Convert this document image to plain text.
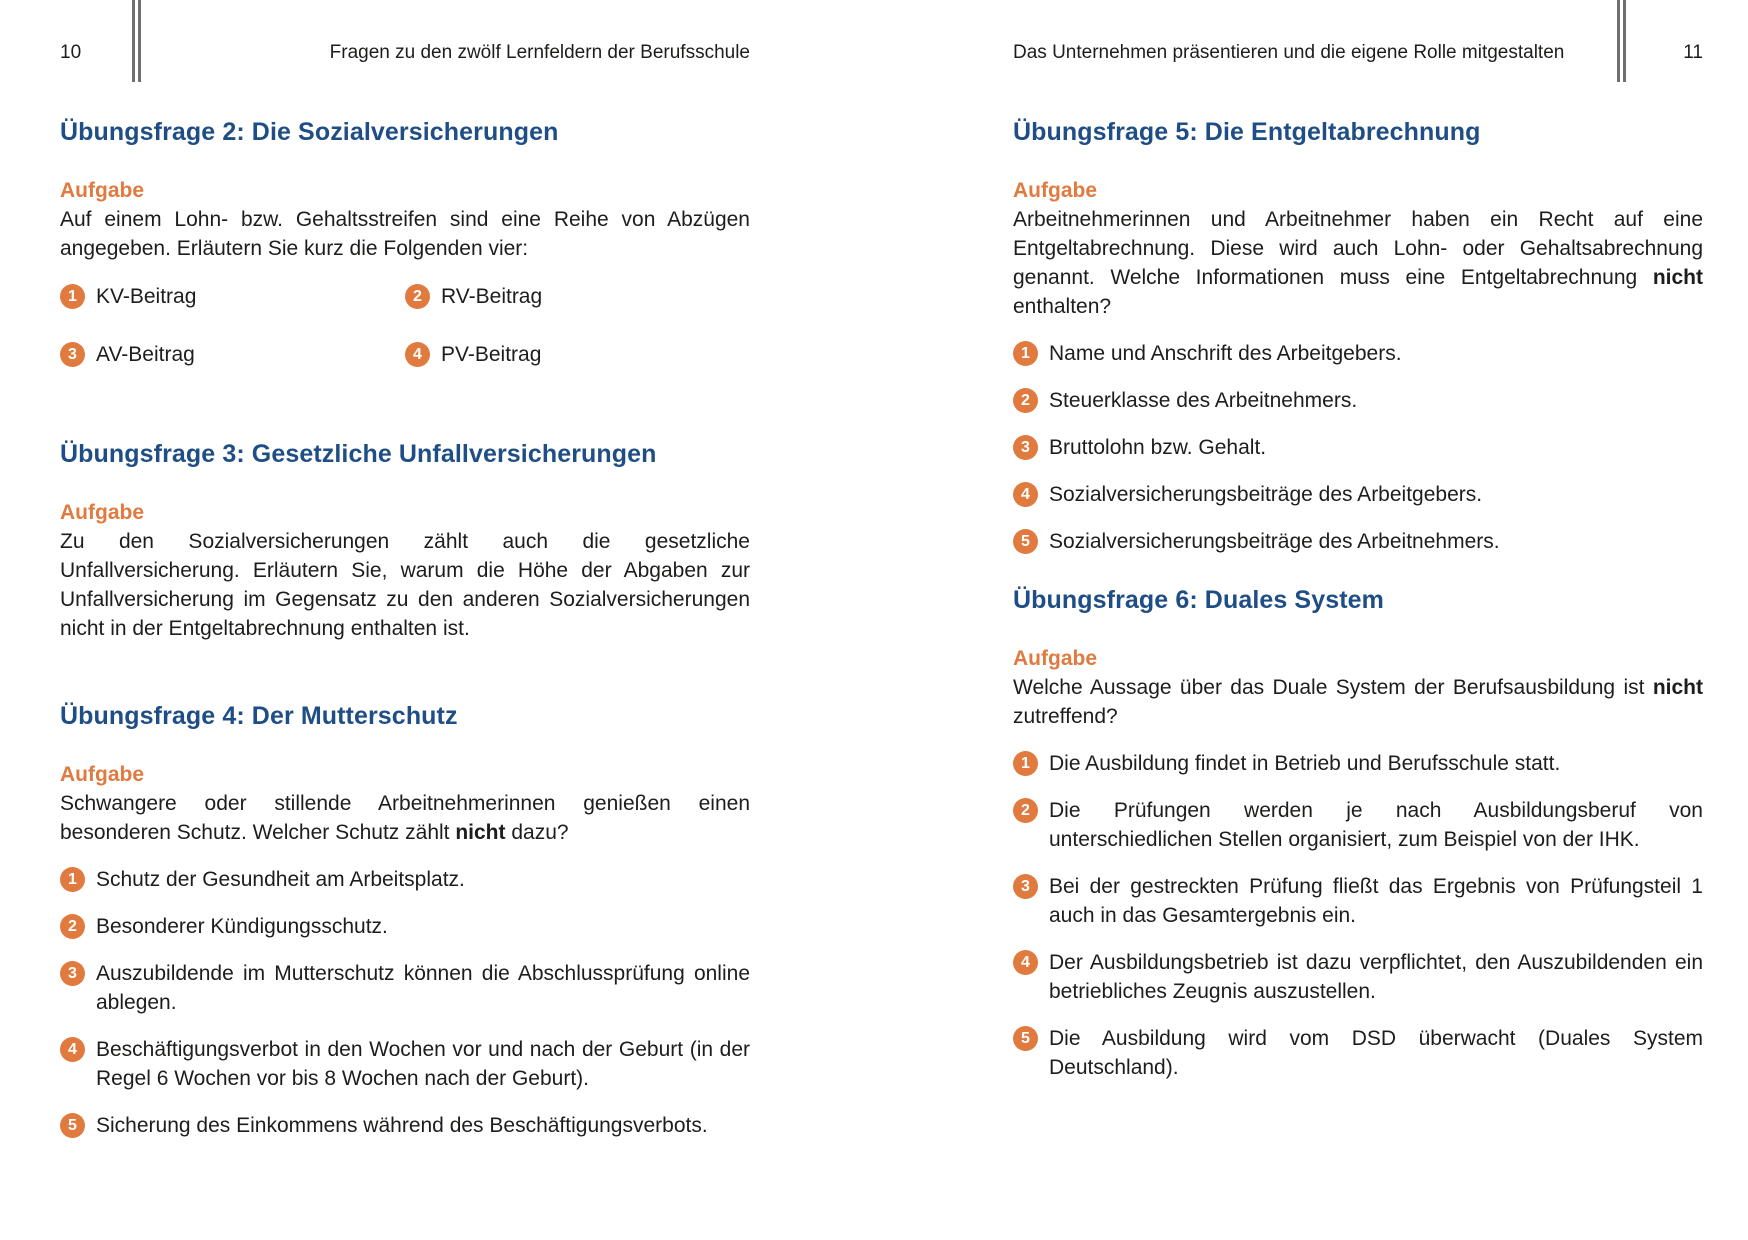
10	Fragen zu den zwölf Lernfeldern der Berufsschule
Übungsfrage 2: Die Sozialversicherungen
Aufgabe

Auf einem Lohn- bzw. Gehaltsstreifen sind eine Reihe von Abzügen angegeben. Erläutern Sie kurz die Folgenden vier:

1 KV-Beitrag	2 RV-Beitrag
3 AV-Beitrag	4 PV-Beitrag
Übungsfrage 3: Gesetzliche Unfallversicherungen
Aufgabe

Zu den Sozialversicherungen zählt auch die gesetzliche Unfallversicherung. Erläutern Sie, warum die Höhe der Abgaben zur Unfallversicherung im Gegensatz zu den anderen Sozialversicherungen nicht in der Entgeltabrechnung enthalten ist.

Übungsfrage 4: Der Mutterschutz
Aufgabe

Schwangere oder stillende Arbeitnehmerinnen genießen einen besonderen Schutz. Welcher Schutz zählt nicht dazu?

1 Schutz der Gesundheit am Arbeitsplatz.
2 Besonderer Kündigungsschutz.
3 Auszubildende im Mutterschutz können die Abschlussprüfung online ablegen.
4 Beschäftigungsverbot in den Wochen vor und nach der Geburt (in der Regel 6 Wochen vor bis 8 Wochen nach der Geburt).
5 Sicherung des Einkommens während des Beschäftigungsverbots.
Das Unternehmen präsentieren und die eigene Rolle mitgestalten	11
Übungsfrage 5: Die Entgeltabrechnung
Aufgabe

Arbeitnehmerinnen und Arbeitnehmer haben ein Recht auf eine Entgeltabrechnung. Diese wird auch Lohn- oder Gehaltsabrechnung genannt. Welche Informationen muss eine Entgeltabrechnung nicht enthalten?

1 Name und Anschrift des Arbeitgebers.
2 Steuerklasse des Arbeitnehmers.
3 Bruttolohn bzw. Gehalt.
4 Sozialversicherungsbeiträge des Arbeitgebers.
5 Sozialversicherungsbeiträge des Arbeitnehmers.
Übungsfrage 6: Duales System
Aufgabe

Welche Aussage über das Duale System der Berufsausbildung ist nicht zutreffend?

1 Die Ausbildung findet in Betrieb und Berufsschule statt.
2 Die Prüfungen werden je nach Ausbildungsberuf von unterschiedlichen Stellen organisiert, zum Beispiel von der IHK.
3 Bei der gestreckten Prüfung fließt das Ergebnis von Prüfungsteil 1 auch in das Gesamtergebnis ein.
4 Der Ausbildungsbetrieb ist dazu verpflichtet, den Auszubildenden ein betriebliches Zeugnis auszustellen.
5 Die Ausbildung wird vom DSD überwacht (Duales System Deutschland).
